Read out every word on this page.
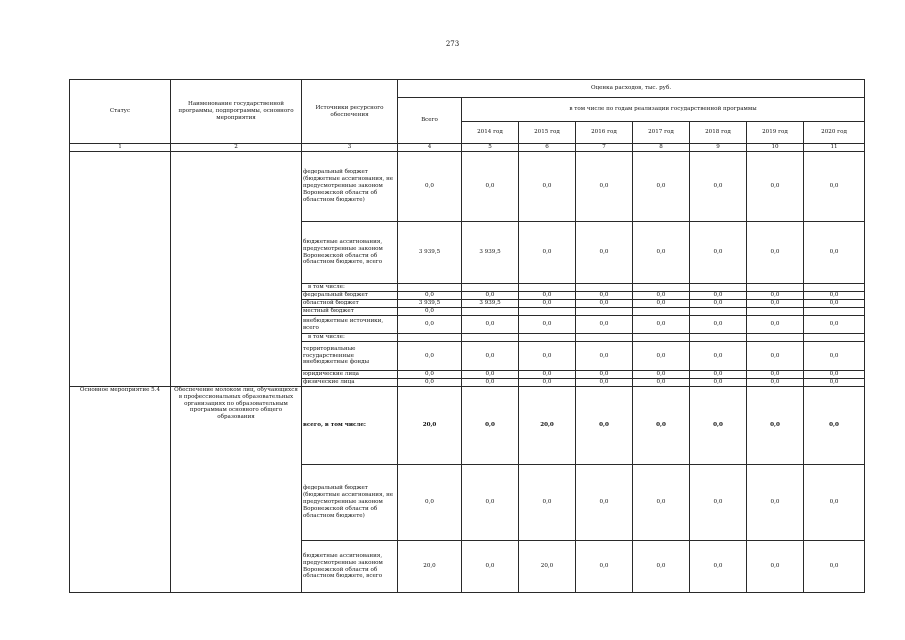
273
Статус	Наименование государственной программы, подпрограммы, основного мероприятия	Источники ресурсного обеспечения	Оценка расходов, тыс. руб.							
			Всего	в том числе по годам реализации государственной программы						
				2014 год	2015 год	2016 год	2017 год	2018 год	2019 год	2020 год
1	2	3	4	5	6	7	8	9	10	11
		федеральный бюджет (бюджетные ассигнования, не предусмотренные законом Воронежской области об областном бюджете)	0,0	0,0	0,0	0,0	0,0	0,0	0,0	0,0
		бюджетные ассигнования, предусмотренные законом Воронежской области об областном бюджете, всего	3 939,5	3 939,5	0,0	0,0	0,0	0,0	0,0	0,0
		в том числе:								
		федеральный бюджет	0,0	0,0	0,0	0,0	0,0	0,0	0,0	0,0
		областной бюджет	3 939,5	3 939,5	0,0	0,0	0,0	0,0	0,0	0,0
		местный бюджет	0,0							
		внебюджетные источники, всего	0,0	0,0	0,0	0,0	0,0	0,0	0,0	0,0
		в том числе:								
		территориальные государственные внебюджетные фонды	0,0	0,0	0,0	0,0	0,0	0,0	0,0	0,0
		юридические лица	0,0	0,0	0,0	0,0	0,0	0,0	0,0	0,0
		физические лица	0,0	0,0	0,0	0,0	0,0	0,0	0,0	0,0
Основное мероприятие 5.4	Обеспечение молоком лиц, обучающихся в профессиональных образовательных организациях по образовательным программам основного общего образования	всего, в том числе:	20,0	0,0	20,0	0,0	0,0	0,0	0,0	0,0
		федеральный бюджет (бюджетные ассигнования, не предусмотренные законом Воронежской области об областном бюджете)	0,0	0,0	0,0	0,0	0,0	0,0	0,0	0,0
		бюджетные ассигнования, предусмотренные законом Воронежской области об областном бюджете, всего	20,0	0,0	20,0	0,0	0,0	0,0	0,0	0,0
